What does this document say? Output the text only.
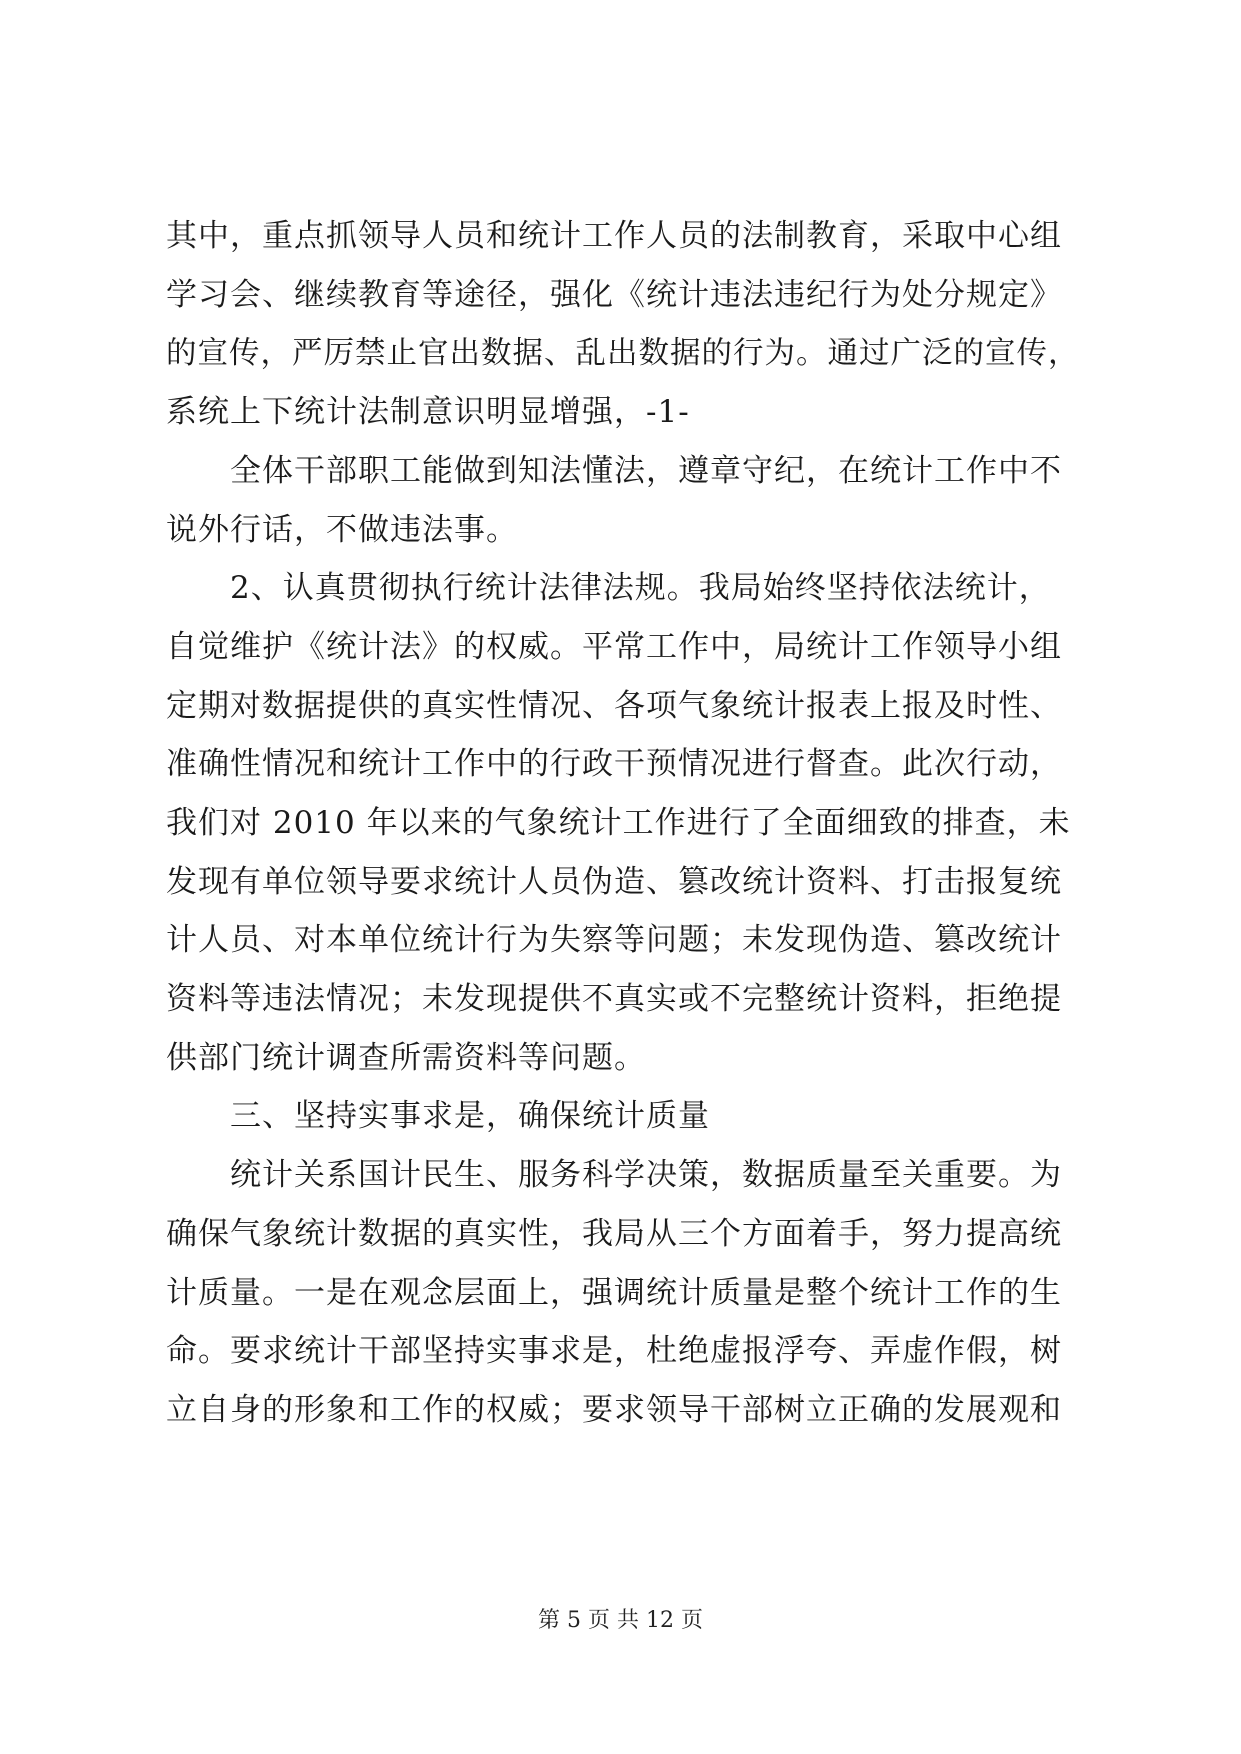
其中，重点抓领导人员和统计工作人员的法制教育，采取中心组
学习会、继续教育等途径，强化《统计违法违纪行为处分规定》
的宣传，严厉禁止官出数据、乱出数据的行为。通过广泛的宣传，
系统上下统计法制意识明显增强，-1-
全体干部职工能做到知法懂法，遵章守纪，在统计工作中不
说外行话，不做违法事。
2、认真贯彻执行统计法律法规。我局始终坚持依法统计，
自觉维护《统计法》的权威。平常工作中，局统计工作领导小组
定期对数据提供的真实性情况、各项气象统计报表上报及时性、
准确性情况和统计工作中的行政干预情况进行督查。此次行动，
我们对 2010 年以来的气象统计工作进行了全面细致的排查，未
发现有单位领导要求统计人员伪造、篡改统计资料、打击报复统
计人员、对本单位统计行为失察等问题；未发现伪造、篡改统计
资料等违法情况；未发现提供不真实或不完整统计资料，拒绝提
供部门统计调查所需资料等问题。
三、坚持实事求是，确保统计质量
统计关系国计民生、服务科学决策，数据质量至关重要。为
确保气象统计数据的真实性，我局从三个方面着手，努力提高统
计质量。一是在观念层面上，强调统计质量是整个统计工作的生
命。要求统计干部坚持实事求是，杜绝虚报浮夸、弄虚作假，树
立自身的形象和工作的权威；要求领导干部树立正确的发展观和
第 5 页 共 12 页
